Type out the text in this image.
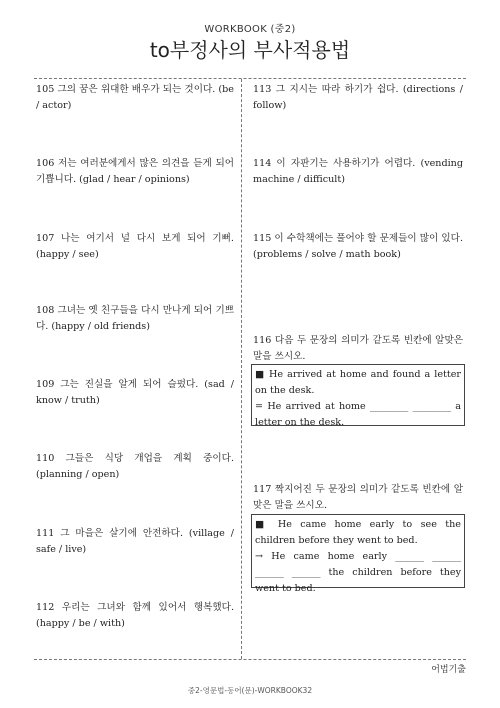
WORKBOOK (중2)
to부정사의 부사적용법
105 그의 꿈은 위대한 배우가 되는 것이다. (be / actor)
106 저는 여러분에게서 많은 의견을 듣게 되어 기쁩니다. (glad / hear / opinions)
107 나는 여기서 널 다시 보게 되어 기뻐. (happy / see)
108 그녀는 옛 친구들을 다시 만나게 되어 기쁘다. (happy / old friends)
109 그는 진실을 알게 되어 슬펐다. (sad / know / truth)
110 그들은 식당 개업을 계획 중이다. (planning / open)
111 그 마을은 살기에 안전하다. (village / safe / live)
112 우리는 그녀와 함께 있어서 행복했다. (happy / be / with)
113 그 지시는 따라 하기가 쉽다. (directions / follow)
114 이 자판기는 사용하기가 어렵다. (vending machine / difficult)
115 이 수학책에는 풀어야 할 문제들이 많이 있다. (problems / solve / math book)
116 다음 두 문장의 의미가 같도록 빈칸에 알맞은 말을 쓰시오.
■ He arrived at home and found a letter on the desk.
= He arrived at home ________ ________ a letter on the desk.
117 짝지어진 두 문장의 의미가 같도록 빈칸에 알맞은 말을 쓰시오.
■ He came home early to see the children before they went to bed.
→ He came home early ______ ______ ______ ______ the children before they went to bed.
어법기출
중2-영문법-동어(문)-WORKBOOK32
